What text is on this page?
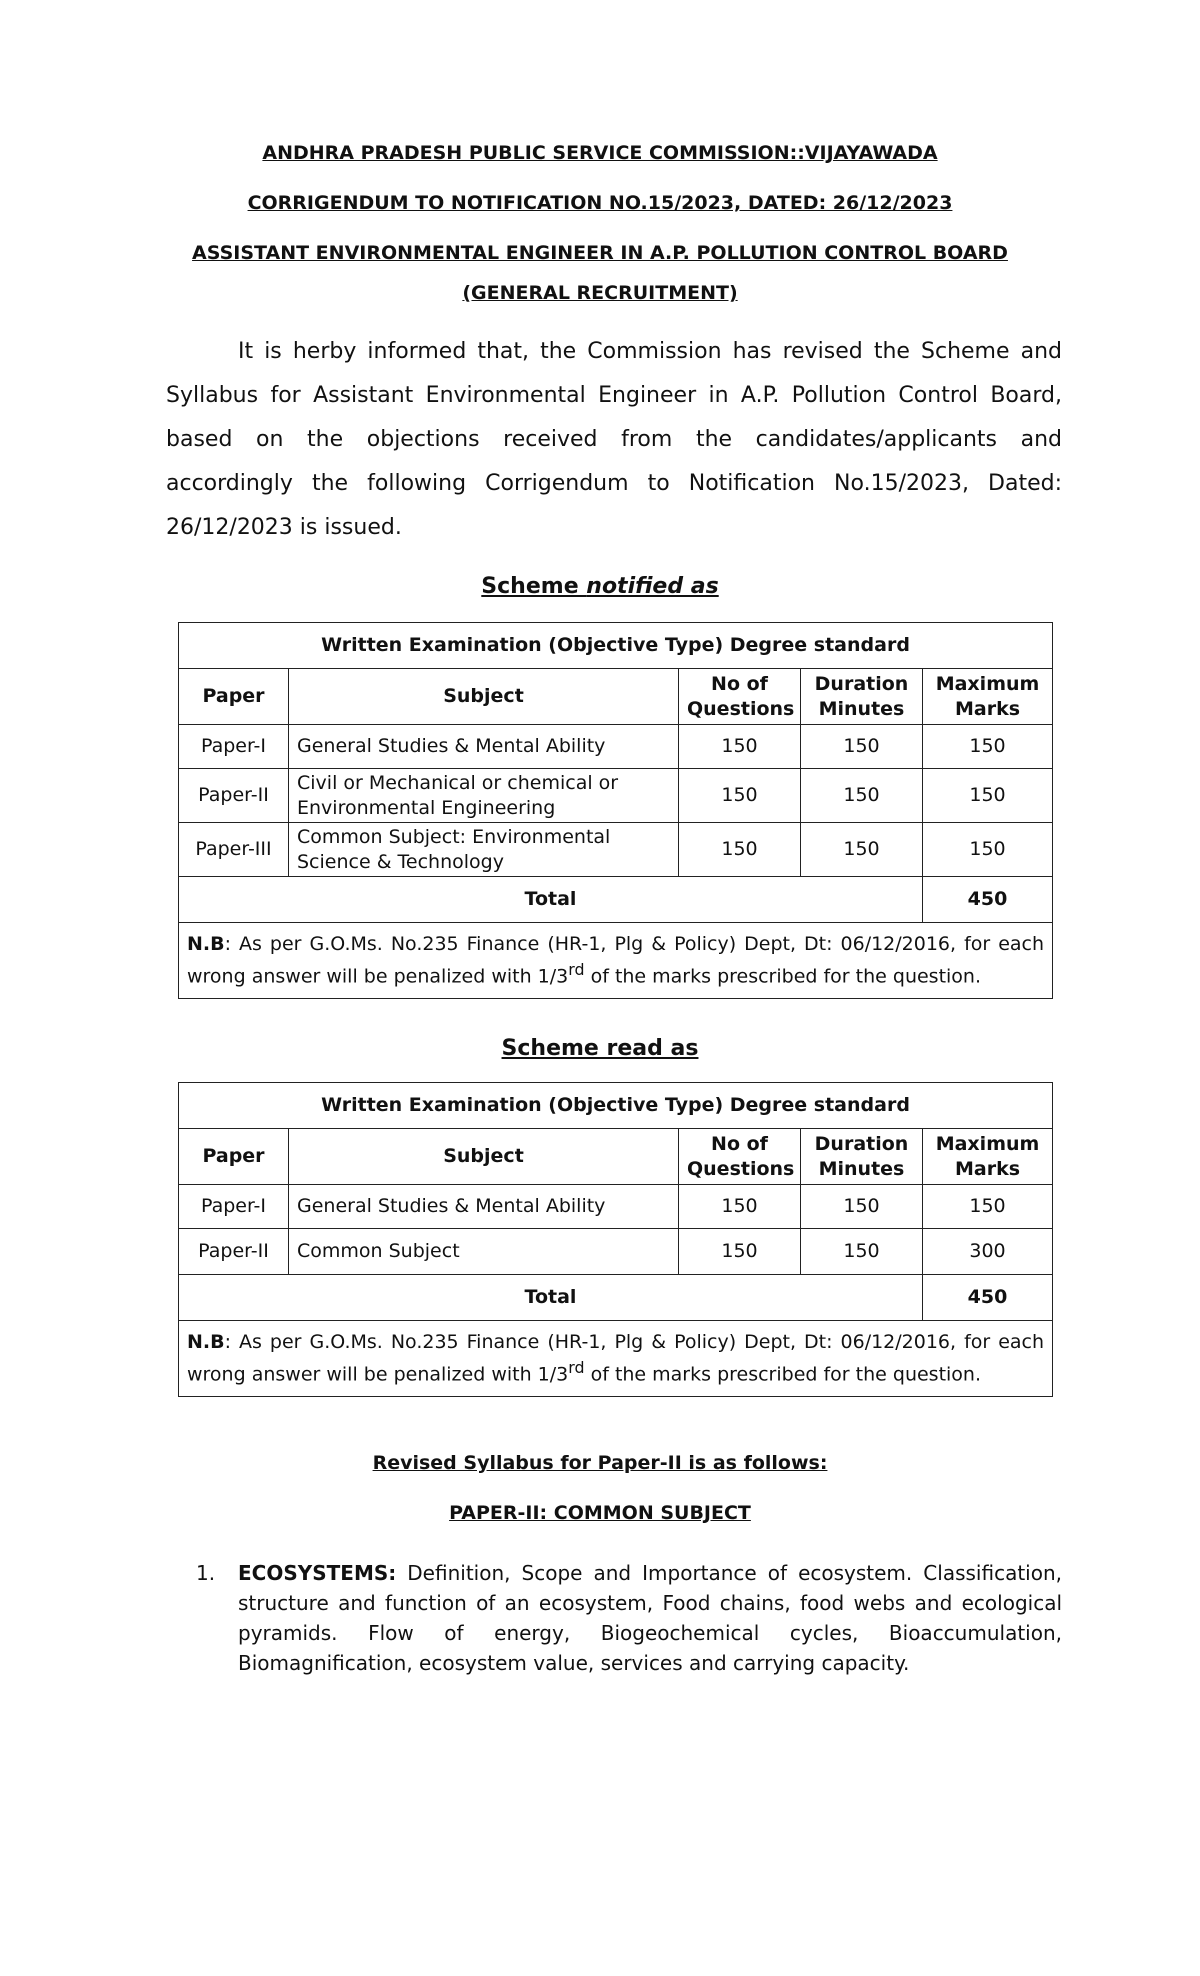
ANDHRA PRADESH PUBLIC SERVICE COMMISSION::VIJAYAWADA
CORRIGENDUM TO NOTIFICATION NO.15/2023, DATED: 26/12/2023
ASSISTANT ENVIRONMENTAL ENGINEER IN A.P. POLLUTION CONTROL BOARD
(GENERAL RECRUITMENT)

It is herby informed that, the Commission has revised the Scheme and Syllabus for Assistant Environmental Engineer in A.P. Pollution Control Board, based on the objections received from the candidates/applicants and accordingly the following Corrigendum to Notification No.15/2023, Dated: 26/12/2023 is issued.

Scheme notified as
Written Examination (Objective Type) Degree standard				
Paper	Subject	No of Questions	Duration Minutes	Maximum Marks
Paper-I	General Studies & Mental Ability	150	150	150
Paper-II	Civil or Mechanical or chemical or Environmental Engineering	150	150	150
Paper-III	Common Subject: Environmental Science & Technology	150	150	150
Total				450
N.B: As per G.O.Ms. No.235 Finance (HR-1, Plg & Policy) Dept, Dt: 06/12/2016, for each wrong answer will be penalized with 1/3rd of the marks prescribed for the question.				
Scheme read as
Written Examination (Objective Type) Degree standard				
Paper	Subject	No of Questions	Duration Minutes	Maximum Marks
Paper-I	General Studies & Mental Ability	150	150	150
Paper-II	Common Subject	150	150	300
Total				450
N.B: As per G.O.Ms. No.235 Finance (HR-1, Plg & Policy) Dept, Dt: 06/12/2016, for each wrong answer will be penalized with 1/3rd of the marks prescribed for the question.				
Revised Syllabus for Paper-II is as follows:
PAPER-II: COMMON SUBJECT
1. ECOSYSTEMS: Definition, Scope and Importance of ecosystem. Classification, structure and function of an ecosystem, Food chains, food webs and ecological pyramids. Flow of energy, Biogeochemical cycles, Bioaccumulation, Biomagnification, ecosystem value, services and carrying capacity.
